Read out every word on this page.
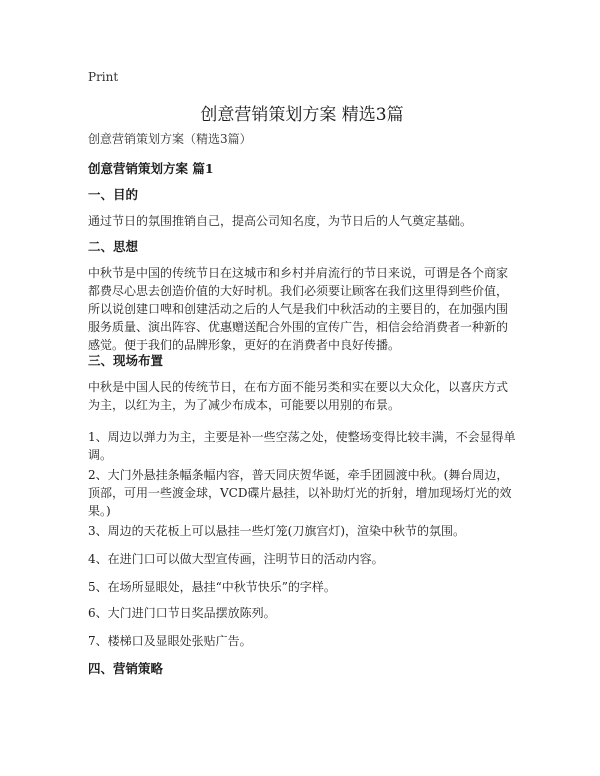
Print
创意营销策划方案 精选3篇
创意营销策划方案（精选3篇）
创意营销策划方案 篇1
一、目的

通过节日的氛围推销自己，提高公司知名度，为节日后的人气奠定基础。

二、思想

中秋节是中国的传统节日在这城市和乡村并肩流行的节日来说，可谓是各个商家都费尽心思去创造价值的大好时机。我们必须要让顾客在我们这里得到些价值，所以说创建口啤和创建活动之后的人气是我们中秋活动的主要目的，在加强内围服务质量、演出阵容、优惠赠送配合外围的宣传广告，相信会给消费者一种新的感觉。便于我们的品牌形象，更好的在消费者中良好传播。

三、现场布置

中秋是中国人民的传统节日，在布方面不能另类和实在要以大众化，以喜庆方式为主，以红为主，为了减少布成本，可能要以用别的布景。

1、周边以弹力为主，主要是补一些空荡之处，使整场变得比较丰满，不会显得单调。

2、大门外悬挂条幅条幅内容，普天同庆贺华诞，牵手团圆渡中秋。(舞台周边，顶部，可用一些渡金球，VCD碟片悬挂，以补助灯光的折射，增加现场灯光的效果。)

3、周边的天花板上可以悬挂一些灯笼(刀旗宫灯)，渲染中秋节的氛围。

4、在进门口可以做大型宣传画，注明节日的活动内容。

5、在场所显眼处，悬挂“中秋节快乐”的字样。

6、大门进门口节日奖品摆放陈列。

7、楼梯口及显眼处张贴广告。

四、营销策略
